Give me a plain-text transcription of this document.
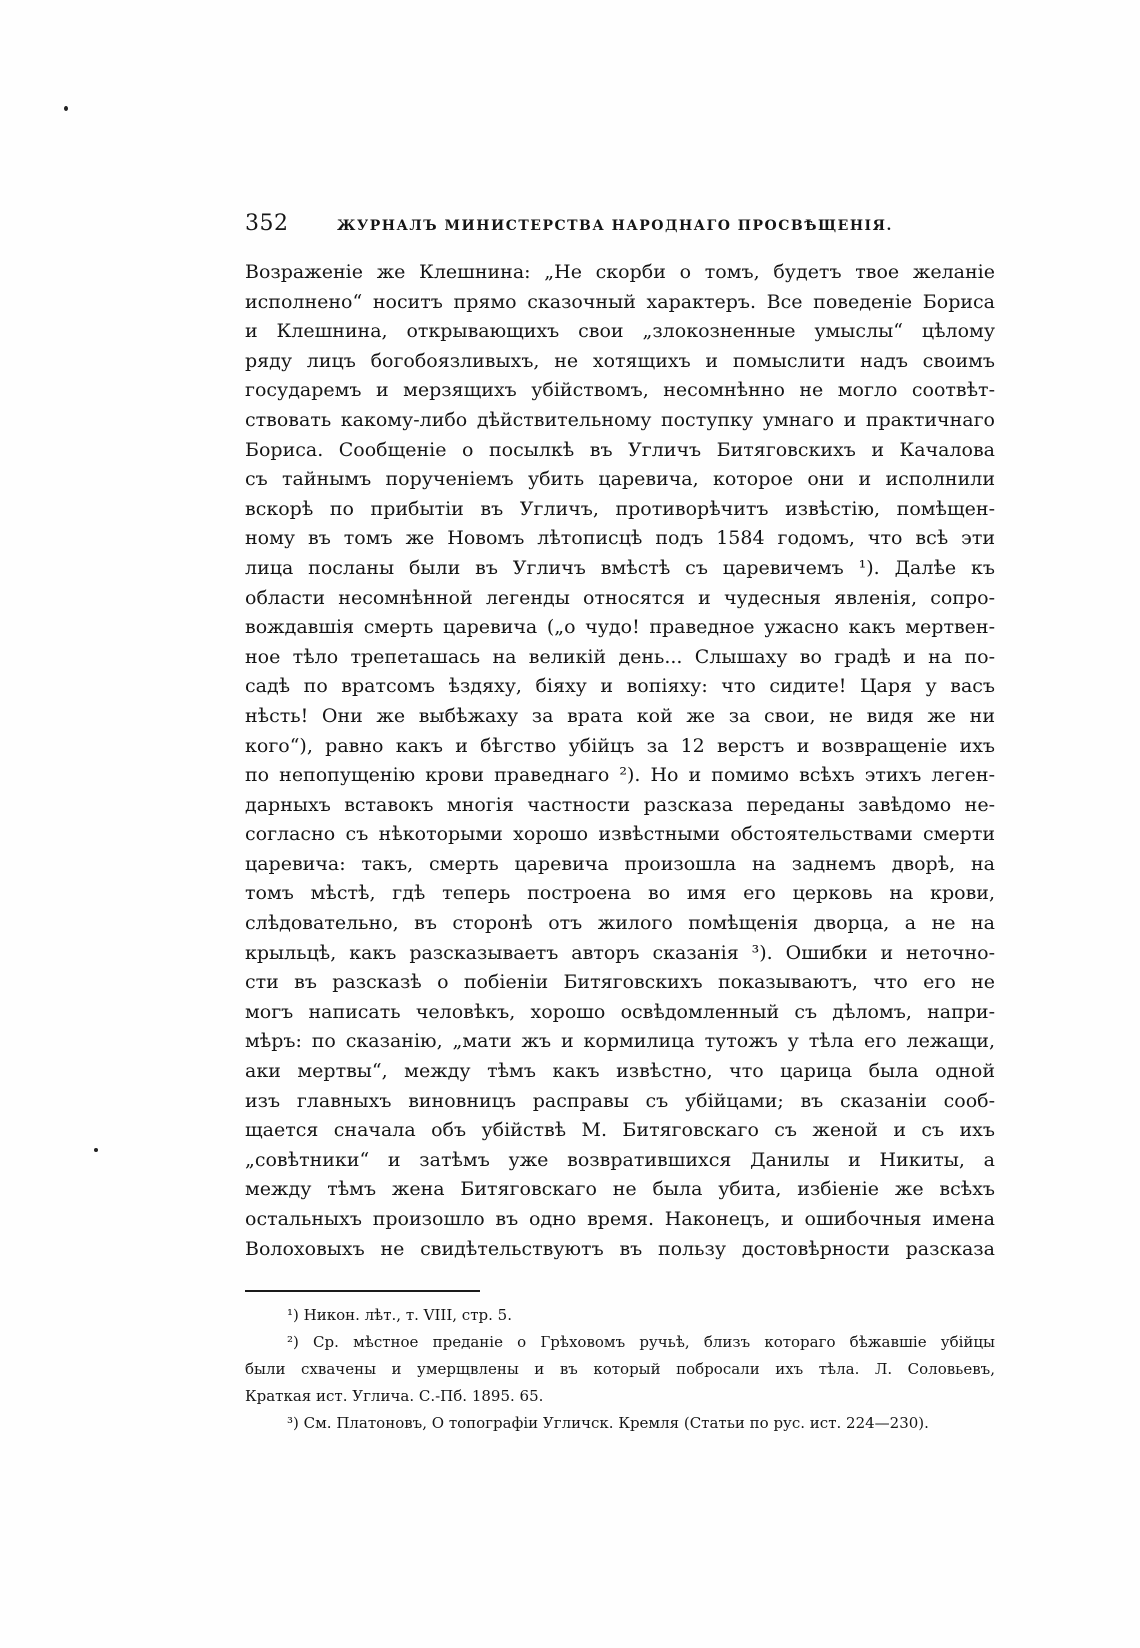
352	ЖУРНАЛЪ МИНИСТЕРСТВА НАРОДНАГО ПРОСВѢЩЕНІЯ.
Возраженіе же Клешнина: „Не скорби о томъ, будетъ твое желаніе
исполнено“ носитъ прямо сказочный характеръ. Все поведеніе Бориса
и Клешнина, открывающихъ свои „злокозненные умыслы“ цѣлому
ряду лицъ богобоязливыхъ, не хотящихъ и помыслити надъ своимъ
государемъ и мерзящихъ убійствомъ, несомнѣнно не могло соотвѣт-
ствовать какому-либо дѣйствительному поступку умнаго и практичнаго
Бориса. Сообщеніе о посылкѣ въ Угличъ Битяговскихъ и Качалова
съ тайнымъ порученіемъ убить царевича, которое они и исполнили
вскорѣ по прибытіи въ Угличъ, противорѣчитъ извѣстію, помѣщен-
ному въ томъ же Новомъ лѣтописцѣ подъ 1584 годомъ, что всѣ эти
лица посланы были въ Угличъ вмѣстѣ съ царевичемъ ¹). Далѣе къ
области несомнѣнной легенды относятся и чудесныя явленія, сопро-
вождавшія смерть царевича („о чудо! праведное ужасно какъ мертвен-
ное тѣло трепеташась на великій день... Слышаху во градѣ и на по-
садѣ по вратсомъ ѣздяху, біяху и вопіяху: что сидите! Царя у васъ
нѣсть! Они же выбѣжаху за врата кой же за свои, не видя же ни
кого“), равно какъ и бѣгство убійцъ за 12 верстъ и возвращеніе ихъ
по непопущенію крови праведнаго ²). Но и помимо всѣхъ этихъ леген-
дарныхъ вставокъ многія частности разсказа переданы завѣдомо не-
согласно съ нѣкоторыми хорошо извѣстными обстоятельствами смерти
царевича: такъ, смерть царевича произошла на заднемъ дворѣ, на
томъ мѣстѣ, гдѣ теперь построена во имя его церковь на крови,
слѣдовательно, въ сторонѣ отъ жилого помѣщенія дворца, а не на
крыльцѣ, какъ разсказываетъ авторъ сказанія ³). Ошибки и неточно-
сти въ разсказѣ о побіеніи Битяговскихъ показываютъ, что его не
могъ написать человѣкъ, хорошо освѣдомленный съ дѣломъ, напри-
мѣръ: по сказанію, „мати жъ и кормилица тутожъ у тѣла его лежащи,
аки мертвы“, между тѣмъ какъ извѣстно, что царица была одной
изъ главныхъ виновницъ расправы съ убійцами; въ сказаніи сооб-
щается сначала объ убійствѣ М. Битяговскаго съ женой и съ ихъ
„совѣтники“ и затѣмъ уже возвратившихся Данилы и Никиты, а
между тѣмъ жена Битяговскаго не была убита, избіеніе же всѣхъ
остальныхъ произошло въ одно время. Наконецъ, и ошибочныя имена
Волоховыхъ не свидѣтельствуютъ въ пользу достовѣрности разсказа
¹) Никон. лѣт., т. VIII, стр. 5.
²) Ср. мѣстное преданіе о Грѣховомъ ручьѣ, близъ котораго бѣжавшіе убійцы
были схвачены и умерщвлены и въ который побросали ихъ тѣла. Л. Соловьевъ,
Краткая ист. Углича. С.-Пб. 1895. 65.
³) См. Платоновъ, О топографіи Угличск. Кремля (Статьи по рус. ист. 224—230).
